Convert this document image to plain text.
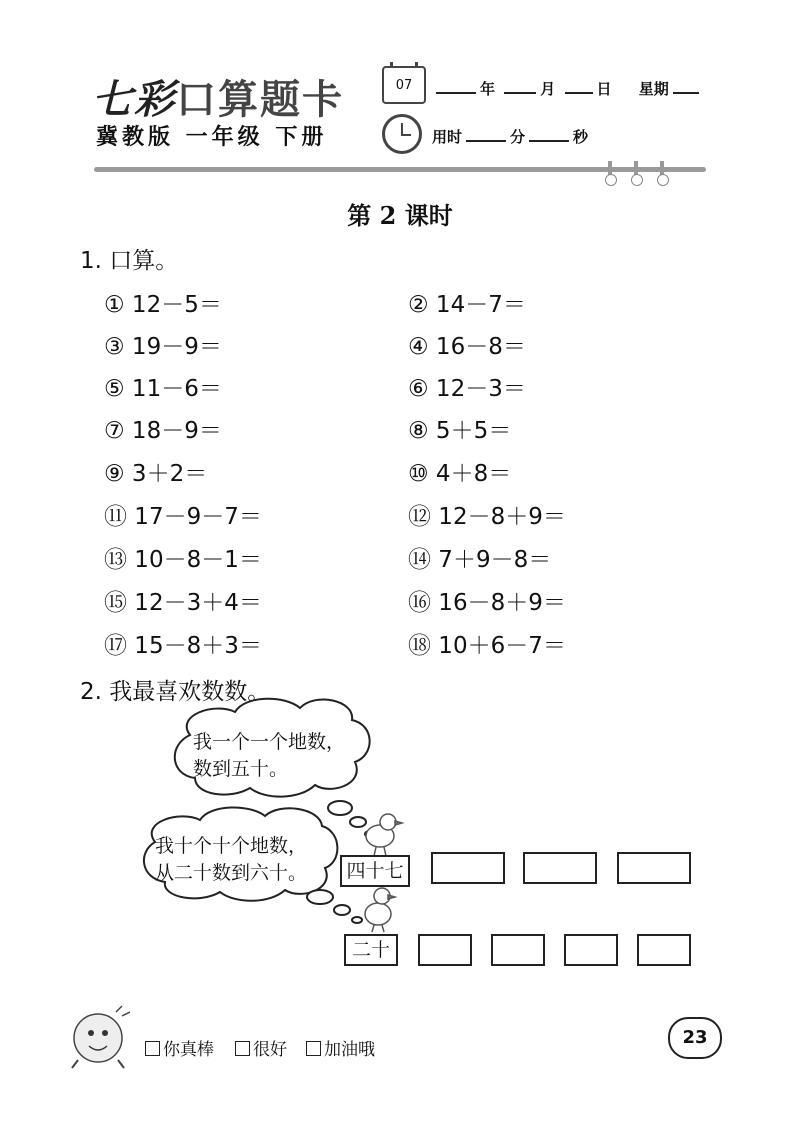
七彩口算题卡
冀教版 一年级 下册
07	年	月	日 星期
用时	分	秒
第 2 课时
1. 口算。
① 12－5＝	② 14－7＝
③ 19－9＝	④ 16－8＝
⑤ 11－6＝	⑥ 12－3＝
⑦ 18－9＝	⑧ 5＋5＝
⑨ 3＋2＝	⑩ 4＋8＝
⑪ 17－9－7＝	⑫ 12－8＋9＝
⑬ 10－8－1＝	⑭ 7＋9－8＝
⑮ 12－3＋4＝	⑯ 16－8＋9＝
⑰ 15－8＋3＝	⑱ 10＋6－7＝
2. 我最喜欢数数。
我一个一个地数，
数到五十。
我十个十个地数，
从二十数到六十。	四十七
二十
你真棒	很好	加油哦
23
